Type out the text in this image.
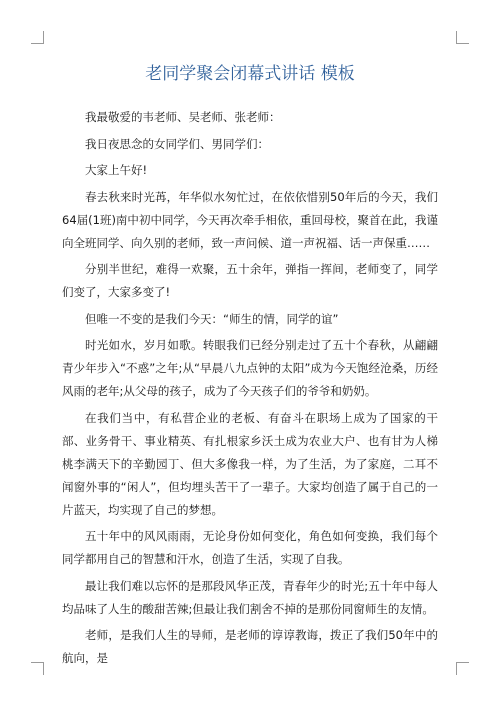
老同学聚会闭幕式讲话 模板

我最敬爱的韦老师、吴老师、张老师：

我日夜思念的女同学们、男同学们：

大家上午好!

春去秋来时光苒，年华似水匆忙过，在依依惜别50年后的今天，我们64届(1班)南中初中同学，今天再次牵手相依，重回母校，聚首在此，我谨向全班同学、向久别的老师，致一声问候、道一声祝福、话一声保重……

分别半世纪，难得一欢聚，五十余年，弹指一挥间，老师变了，同学们变了，大家多变了!

但唯一不变的是我们今天：“师生的情，同学的谊”

时光如水，岁月如歌。转眼我们已经分别走过了五十个春秋，从翩翩青少年步入“不惑”之年;从“早晨八九点钟的太阳”成为今天饱经沧桑，历经风雨的老年;从父母的孩子，成为了今天孩子们的爷爷和奶奶。

在我们当中，有私营企业的老板、有奋斗在职场上成为了国家的干部、业务骨干、事业精英、有扎根家乡沃土成为农业大户、也有甘为人梯桃李满天下的辛勤园丁、但大多像我一样，为了生活，为了家庭，二耳不闻窗外事的“闲人”，但均埋头苦干了一辈子。大家均创造了属于自己的一片蓝天，均实现了自己的梦想。

五十年中的风风雨雨，无论身份如何变化，角色如何变换，我们每个同学都用自己的智慧和汗水，创造了生活，实现了自我。

最让我们难以忘怀的是那段风华正茂，青春年少的时光;五十年中每人均品味了人生的酸甜苦辣;但最让我们割舍不掉的是那份同窗师生的友情。

老师，是我们人生的导师，是老师的谆谆教诲，拨正了我们50年中的航向，是
